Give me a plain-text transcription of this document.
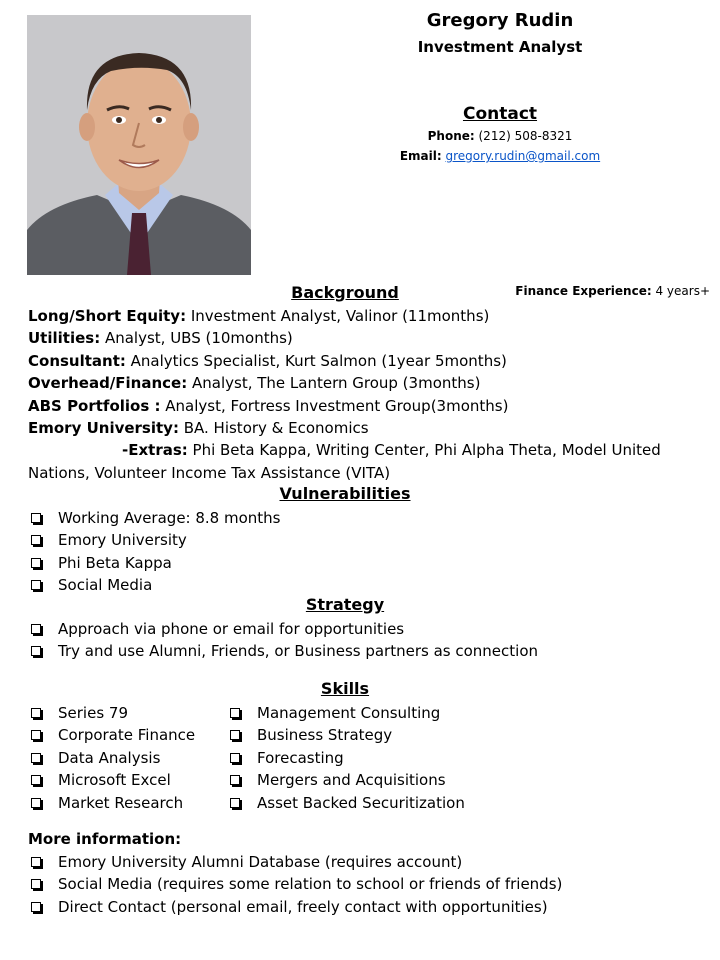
Gregory Rudin
Investment Analyst
Contact
Phone: (212) 508-8321
Email: gregory.rudin@gmail.com
Finance Experience: 4 years+
Background
Long/Short Equity: Investment Analyst, Valinor (11months)
Utilities: Analyst, UBS (10months)
Consultant: Analytics Specialist, Kurt Salmon (1year 5months)
Overhead/Finance: Analyst, The Lantern Group (3months)
ABS Portfolios : Analyst, Fortress Investment Group(3months)
Emory University: BA. History & Economics
-Extras: Phi Beta Kappa, Writing Center, Phi Alpha Theta, Model United Nations, Volunteer Income Tax Assistance (VITA)
Vulnerabilities
Working Average: 8.8 months
Emory University
Phi Beta Kappa
Social Media
Strategy
Approach via phone or email for opportunities
Try and use Alumni, Friends, or Business partners as connection
Skills
Series 79
Corporate Finance
Data Analysis
Microsoft Excel
Market Research
Management Consulting
Business Strategy
Forecasting
Mergers and Acquisitions
Asset Backed Securitization
More information:
Emory University Alumni Database (requires account)
Social Media (requires some relation to school or friends of friends)
Direct Contact (personal email, freely contact with opportunities)
